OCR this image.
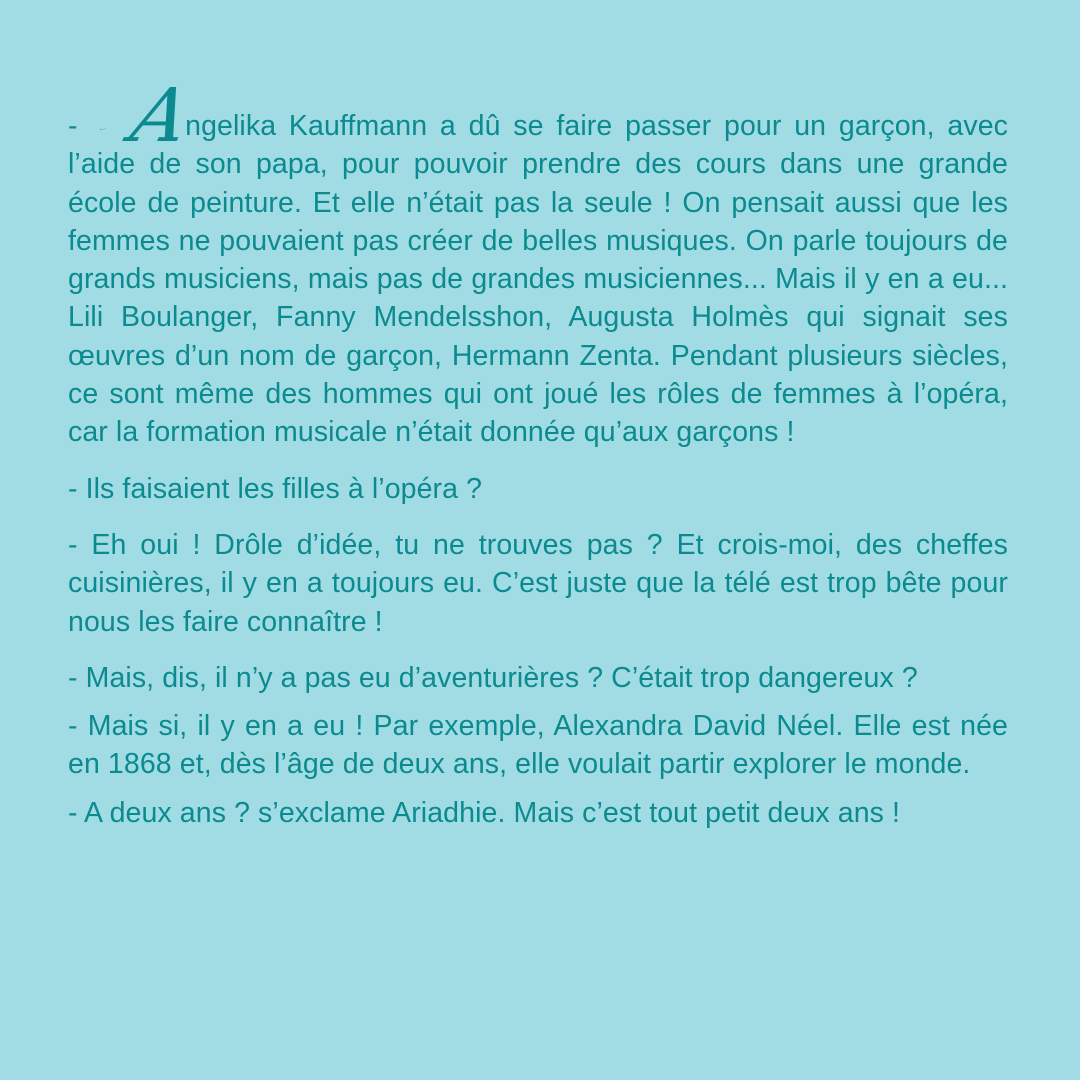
- Angelika Kauffmann a dû se faire passer pour un garçon, avec l’aide de son papa, pour pouvoir prendre des cours dans une grande école de peinture. Et elle n’était pas la seule ! On pensait aussi que les femmes ne pouvaient pas créer de belles musiques. On parle toujours de grands musiciens, mais pas de grandes musiciennes... Mais il y en a eu... Lili Boulanger, Fanny Mendelsshon, Augusta Holmès qui signait ses œuvres d’un nom de garçon, Hermann Zenta. Pendant plusieurs siècles, ce sont même des hommes qui ont joué les rôles de femmes à l’opéra, car la formation musicale n’était donnée qu’aux garçons !

- Ils faisaient les filles à l’opéra ?

- Eh oui ! Drôle d’idée, tu ne trouves pas ? Et crois-moi, des cheffes cuisinières, il y en a toujours eu. C’est juste que la télé est trop bête pour nous les faire connaître !

- Mais, dis, il n’y a pas eu d’aventurières ? C’était trop dangereux ?

- Mais si, il y en a eu ! Par exemple, Alexandra David Néel. Elle est née en 1868 et, dès l’âge de deux ans, elle voulait partir explorer le monde.

- A deux ans ? s’exclame Ariadhie. Mais c’est tout petit deux ans !
